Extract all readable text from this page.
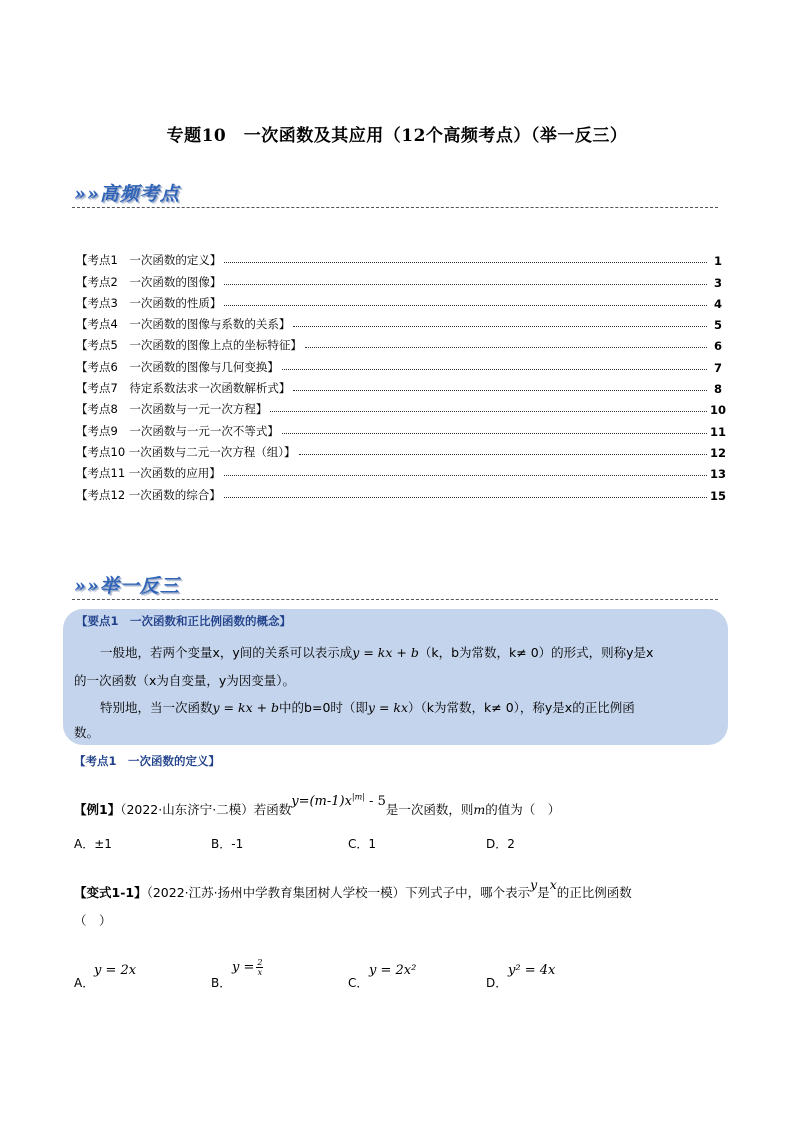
专题10　一次函数及其应用（12个高频考点）（举一反三）
»»高频考点
【考点1　一次函数的定义】	1
【考点2　一次函数的图像】	3
【考点3　一次函数的性质】	4
【考点4　一次函数的图像与系数的关系】	5
【考点5　一次函数的图像上点的坐标特征】	6
【考点6　一次函数的图像与几何变换】	7
【考点7　待定系数法求一次函数解析式】	8
【考点8　一次函数与一元一次方程】	10
【考点9　一次函数与一元一次不等式】	11
【考点10 一次函数与二元一次方程（组）】	12
【考点11 一次函数的应用】	13
【考点12 一次函数的综合】	15
»»举一反三
【要点1　一次函数和正比例函数的概念】
一般地，若两个变量x，y间的关系可以表示成y = kx + b（k，b为常数，k≠ 0）的形式，则称y是x
的一次函数（x为自变量，y为因变量）。
特别地，当一次函数y = kx + b中的b=0时（即y = kx）（k为常数，k≠ 0），称y是x的正比例函
数。
【考点1　一次函数的定义】
【例1】（2022·山东济宁·二模）若函数$y=(m-1)x^{|m|} - 5$是一次函数，则m的值为（　）
A．±1	B．-1	C．1	D．2
【变式1-1】（2022·江苏·扬州中学教育集团树人学校一模）下列式子中，哪个表示y是x的正比例函数
（　）
A．
y = 2x
B．
$y = \frac{2}{x}$
C．
y = 2x²
D．
y² = 4x
